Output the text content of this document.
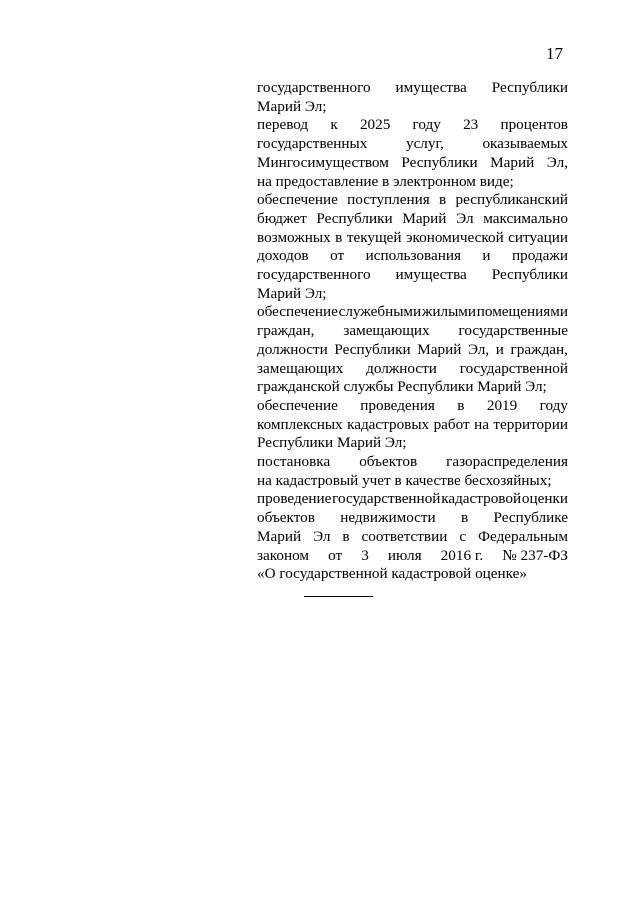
17
государственного имущества Республики
Марий Эл;
перевод к 2025 году 23 процентов
государственных	услуг,	оказываемых
Мингосимуществом Республики Марий Эл,
на предоставление в электронном виде;
обеспечение поступления в республиканский
бюджет Республики Марий Эл максимально
возможных в текущей экономической ситуации
доходов от использования и продажи
государственного имущества Республики
Марий Эл;
обеспечение служебными жилыми помещениями
граждан, замещающих государственные
должности Республики Марий Эл, и граждан,
замещающих должности государственной
гражданской службы Республики Марий Эл;
обеспечение проведения в 2019 году
комплексных кадастровых работ на территории
Республики Марий Эл;
постановка объектов газораспределения
на кадастровый учет в качестве бесхозяйных;
проведение государственной кадастровой оценки
объектов недвижимости в Республике
Марий Эл в соответствии с Федеральным
законом от 3 июля 2016 г. № 237-ФЗ
«О государственной кадастровой оценке»
